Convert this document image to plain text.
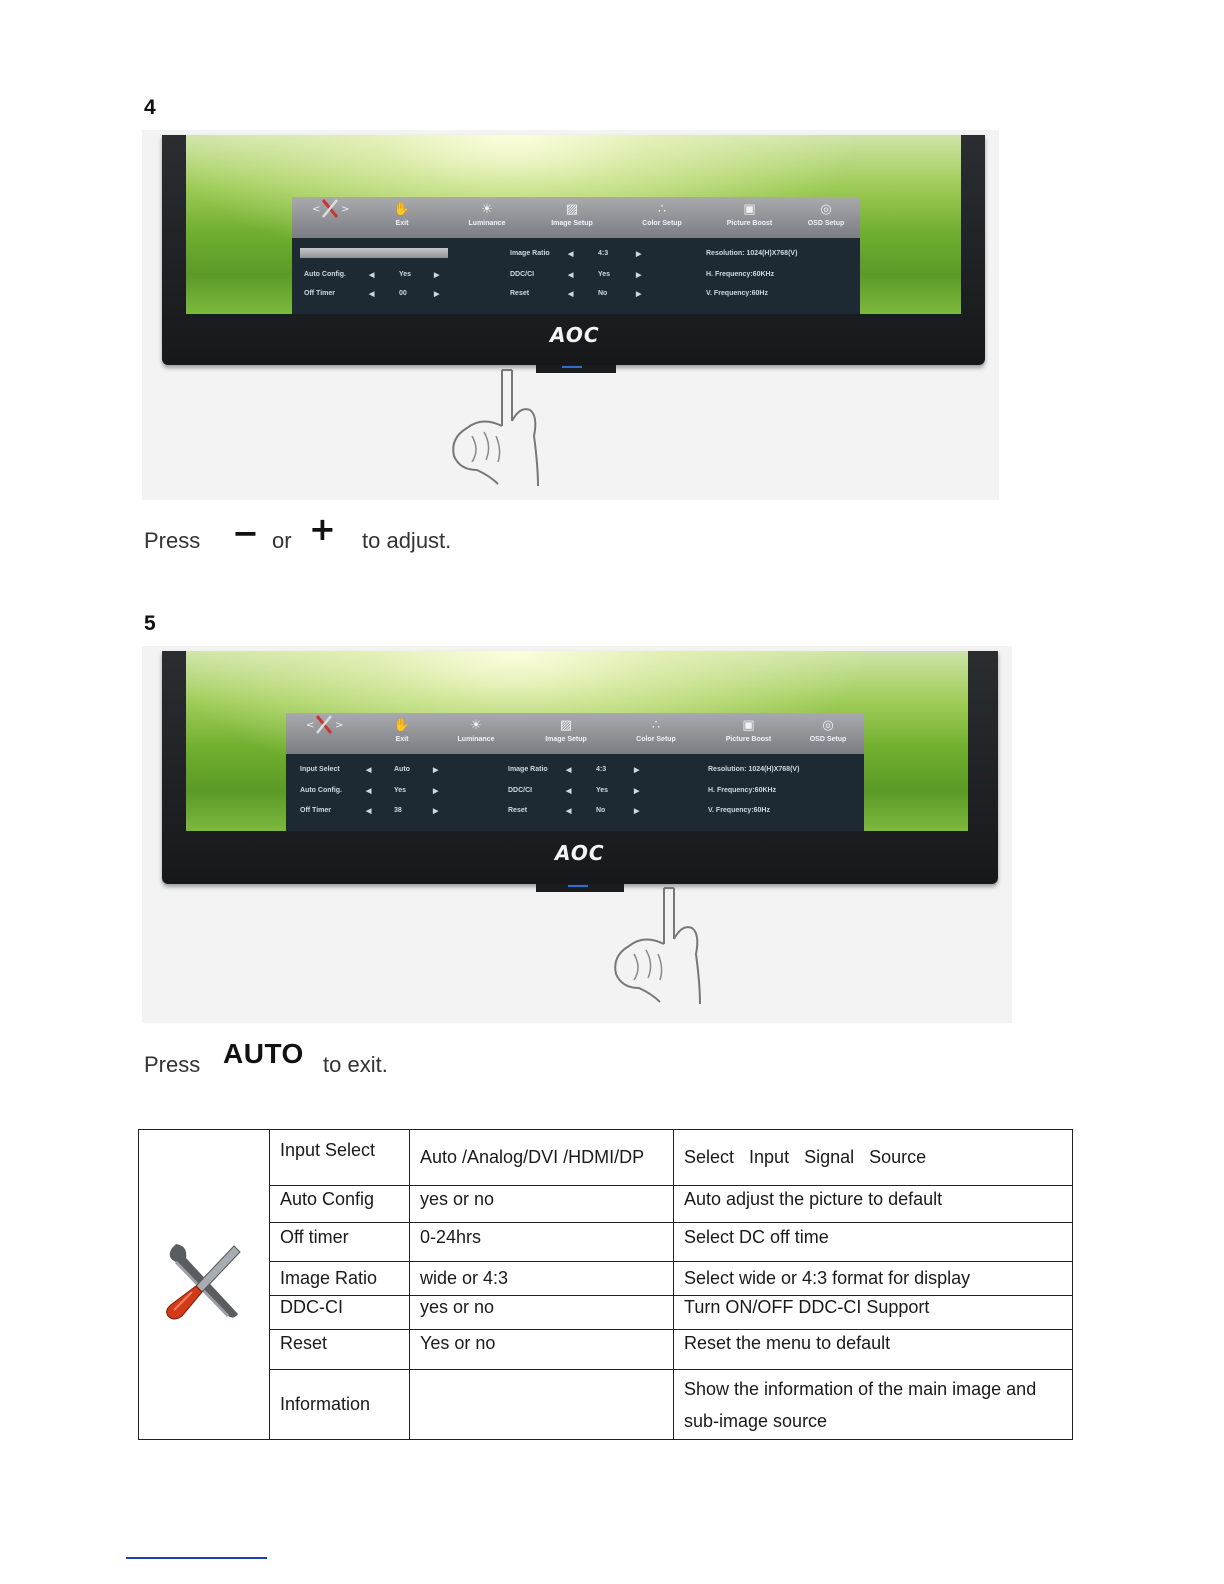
4
< >	✋
Exit
☀
Luminance
▨
Image Setup
∴
Color Setup
▣
Picture Boost
◎
OSD Setup
Auto Config.	◀	Yes	▶
Off Timer	◀	00	▶
Image Ratio	◀	4:3	▶
DDC/CI	◀	Yes	▶
Reset	◀	No	▶
Resolution: 1024(H)X768(V)
H. Frequency:60KHz
V. Frequency:60Hz
AOC
Press − or + to adjust.
5
< >	✋
Exit
☀
Luminance
▨
Image Setup
∴
Color Setup
▣
Picture Boost
◎
OSD Setup
Input Select	◀	Auto	▶
Auto Config.	◀	Yes	▶
Off Timer	◀	38	▶
Image Ratio	◀	4:3	▶
DDC/CI	◀	Yes	▶
Reset	◀	No	▶
Resolution: 1024(H)X768(V)
H. Frequency:60KHz
V. Frequency:60Hz
AOC
Press AUTO to exit.
	Input Select	Auto /Analog/DVI /HDMI/DP	Select   Input   Signal   Source
	Auto Config	yes or no	Auto adjust the picture to default
	Off timer	0-24hrs	Select DC off time
	Image Ratio	wide or 4:3	Select wide or 4:3 format for display
	DDC-CI	yes or no	Turn ON/OFF DDC-CI Support
	Reset	Yes or no	Reset the menu to default
	Information		Show the information of the main image and sub-image source
